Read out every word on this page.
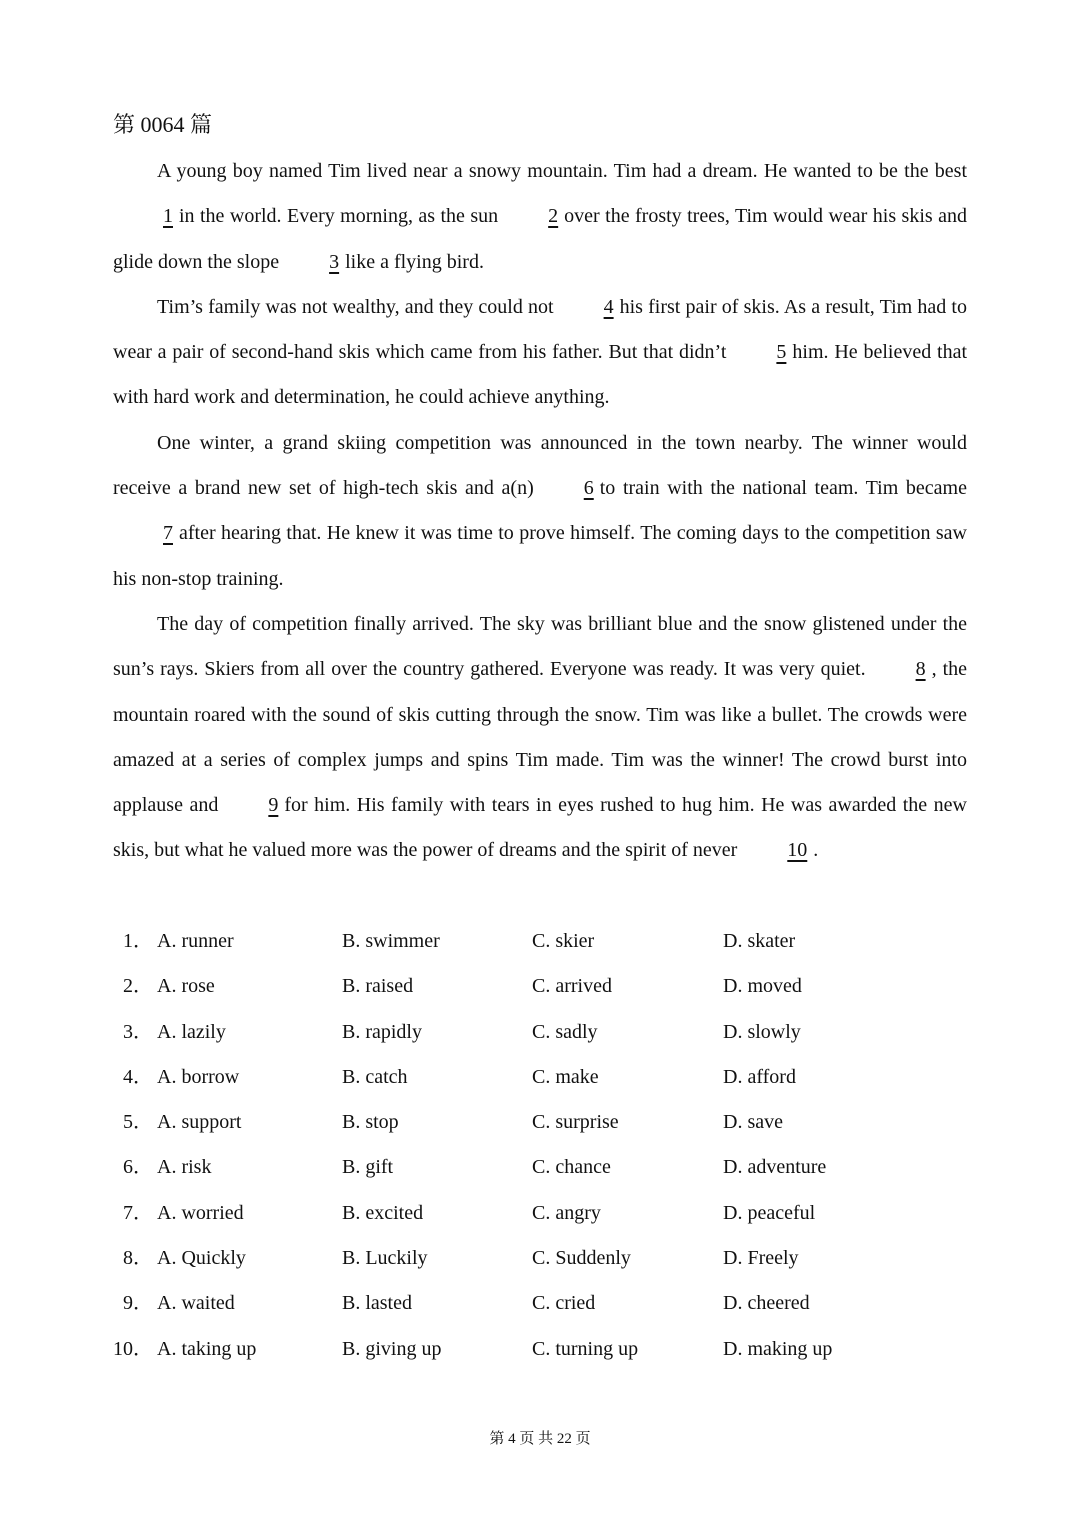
第 0064 篇

A young boy named Tim lived near a snowy mountain. Tim had a dream. He wanted to be the best1 in the world. Every morning, as the sun	2 over the frosty trees, Tim would wear his skis and glide down the slope	3 like a flying bird.

Tim’s family was not wealthy, and they could not	4 his first pair of skis. As a result, Tim had to wear a pair of second-hand skis which came from his father. But that didn’t	5 him. He believed that with hard work and determination, he could achieve anything.

One winter, a grand skiing competition was announced in the town nearby. The winner would receive a brand new set of high-tech skis and a(n)	6 to train with the national team. Tim became7 after hearing that. He knew it was time to prove himself. The coming days to the competition saw his non-stop training.

The day of competition finally arrived. The sky was brilliant blue and the snow glistened under the sun’s rays. Skiers from all over the country gathered. Everyone was ready. It was very quiet.	8 , the mountain roared with the sound of skis cutting through the snow. Tim was like a bullet. The crowds were amazed at a series of complex jumps and spins Tim made. Tim was the winner! The crowd burst into applause and	9 for him. His family with tears in eyes rushed to hug him. He was awarded the new skis, but what he valued more was the power of dreams and the spirit of never	10 .

1． A. runner	B. swimmer	C. skier	D. skater
2． A. rose	B. raised	C. arrived	D. moved
3． A. lazily	B. rapidly	C. sadly	D. slowly
4． A. borrow	B. catch	C. make	D. afford
5． A. support	B. stop	C. surprise	D. save
6． A. risk	B. gift	C. chance	D. adventure
7． A. worried	B. excited	C. angry	D. peaceful
8． A. Quickly	B. Luckily	C. Suddenly	D. Freely
9． A. waited	B. lasted	C. cried	D. cheered
10． A. taking up	B. giving up	C. turning up	D. making up
第 4 页 共 22 页
